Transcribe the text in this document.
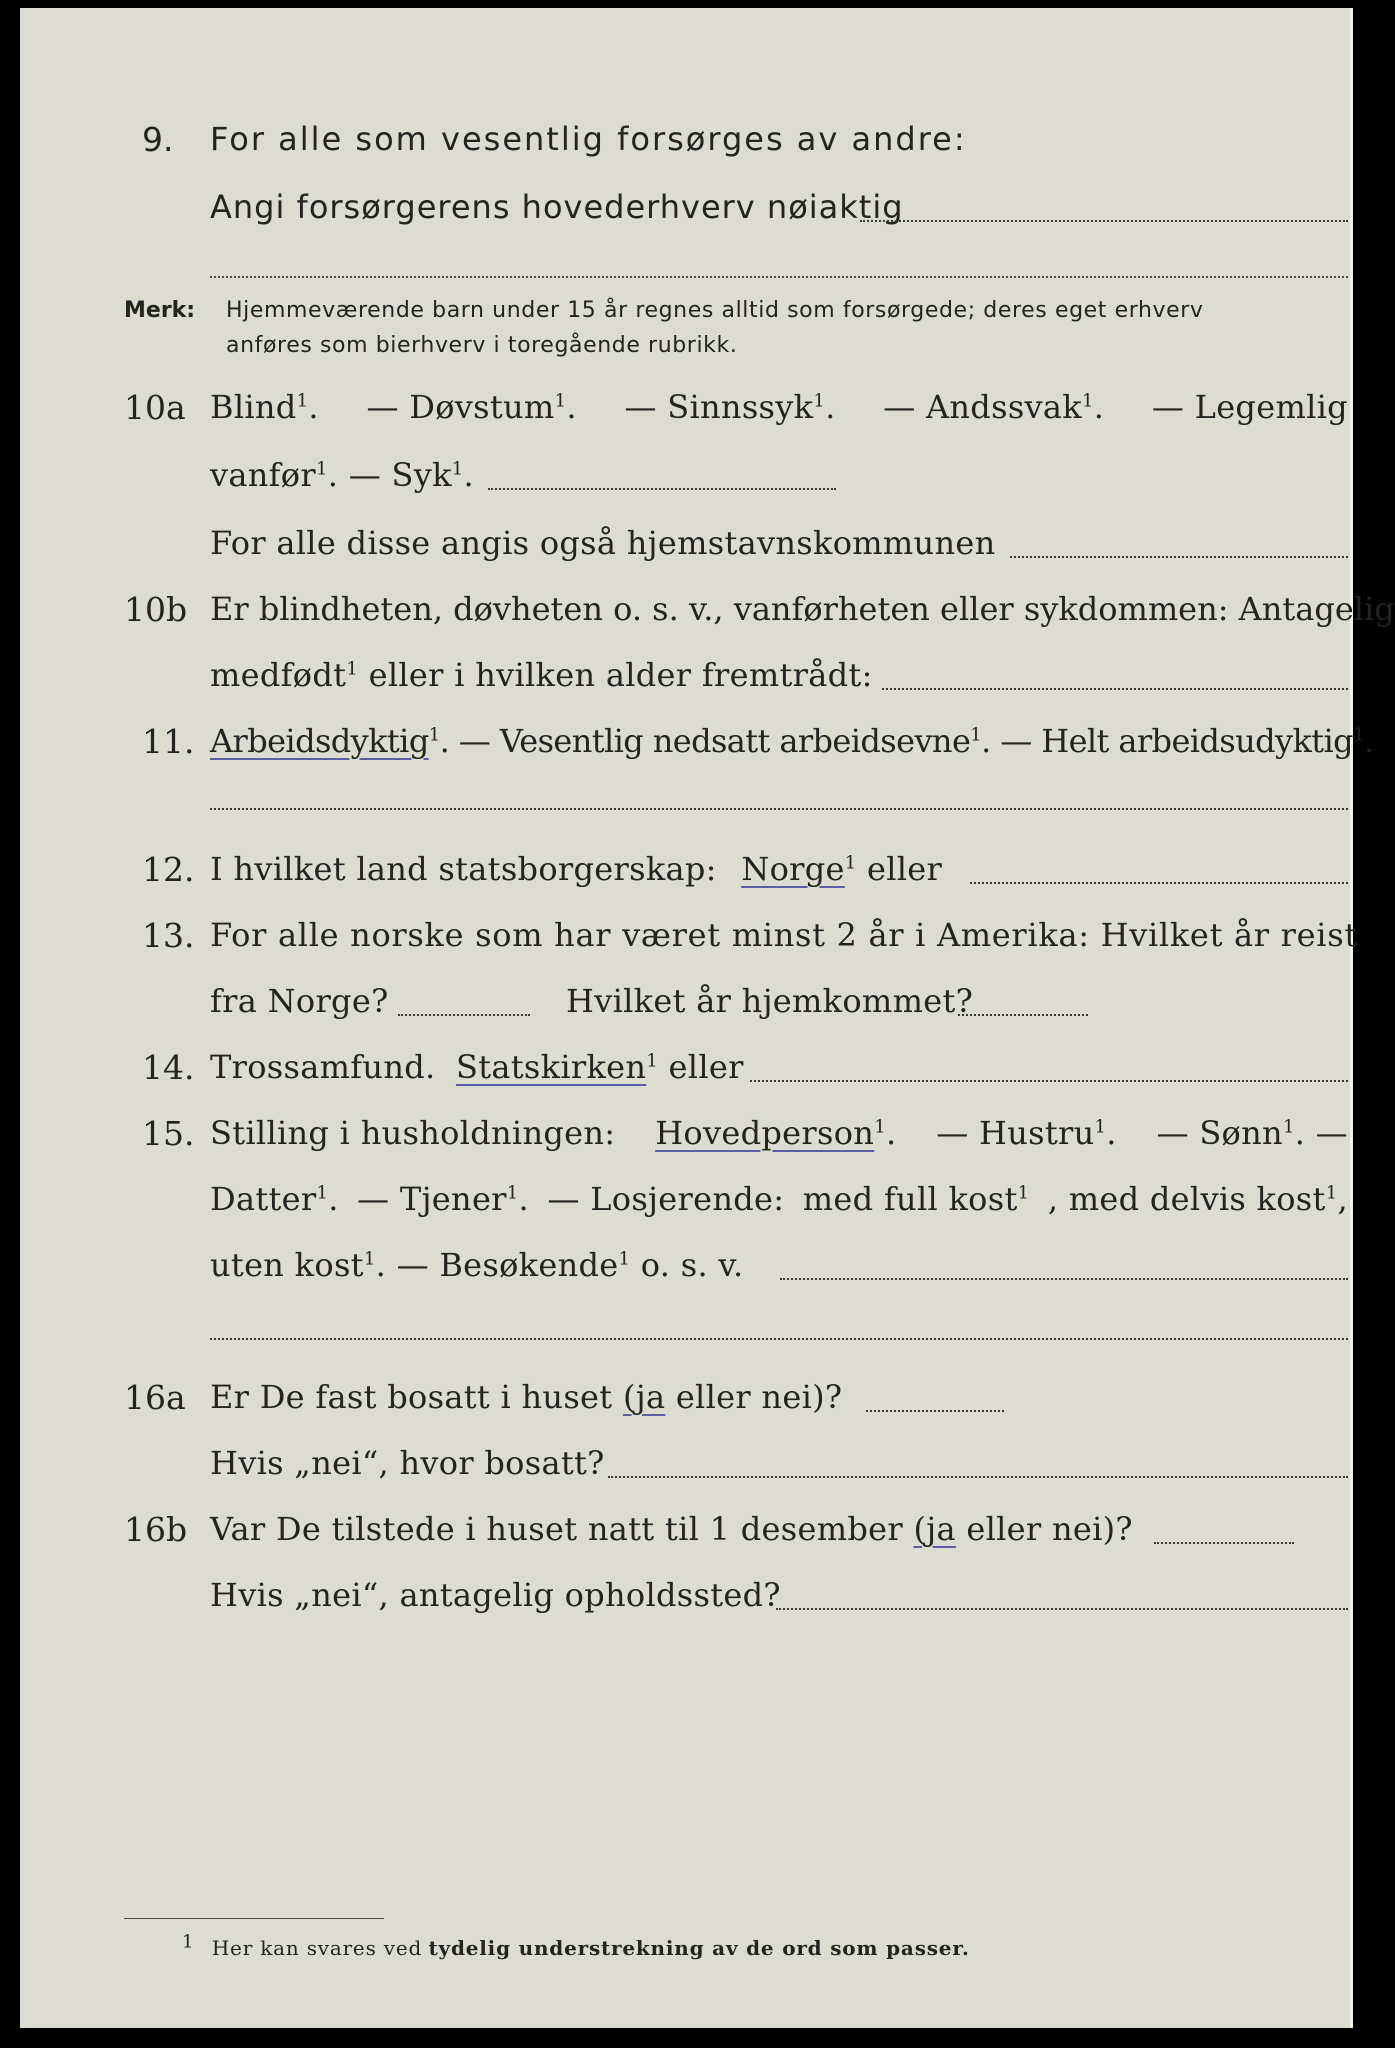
9. For alle som vesentlig forsørges av andre:
Angi forsørgerens hovederhverv nøiaktig
Merk: Hjemmeværende barn under 15 år regnes alltid som forsørgede; deres eget erhverv
anføres som bierhverv i toregående rubrikk.
10a Blind$^1$. — Døvstum$^1$. — Sinnssyk$^1$. — Andssvak$^1$. — Legemlig
vanfør$^1$. — Syk$^1$.
For alle disse angis også hjemstavnskommunen
10b Er blindheten, døvheten o. s. v., vanførheten eller sykdommen: Antagelig
medfødt$^1$ eller i hvilken alder fremtrådt:
11. Arbeidsdyktig$^1$. — Vesentlig nedsatt arbeidsevne$^1$. — Helt arbeidsudyktig$^1$.
12. I hvilket land statsborgerskap: Norge$^1$ eller
13. For alle norske som har været minst 2 år i Amerika: Hvilket år reist
fra Norge?	Hvilket år hjemkommet?
14. Trossamfund. Statskirken$^1$ eller
15. Stilling i husholdningen: Hovedperson$^1$. — Hustru$^1$. — Sønn$^1$. —
Datter$^1$. — Tjener$^1$. — Losjerende: med full kost$^1$ , med delvis kost$^1$,
uten kost$^1$. — Besøkende$^1$ o. s. v.
16a Er De fast bosatt i huset (ja eller nei)?
Hvis „nei“, hvor bosatt?
16b Var De tilstede i huset natt til 1 desember (ja eller nei)?
Hvis „nei“, antagelig opholdssted?
$^1$ Her kan svares ved tydelig understrekning av de ord som passer.
